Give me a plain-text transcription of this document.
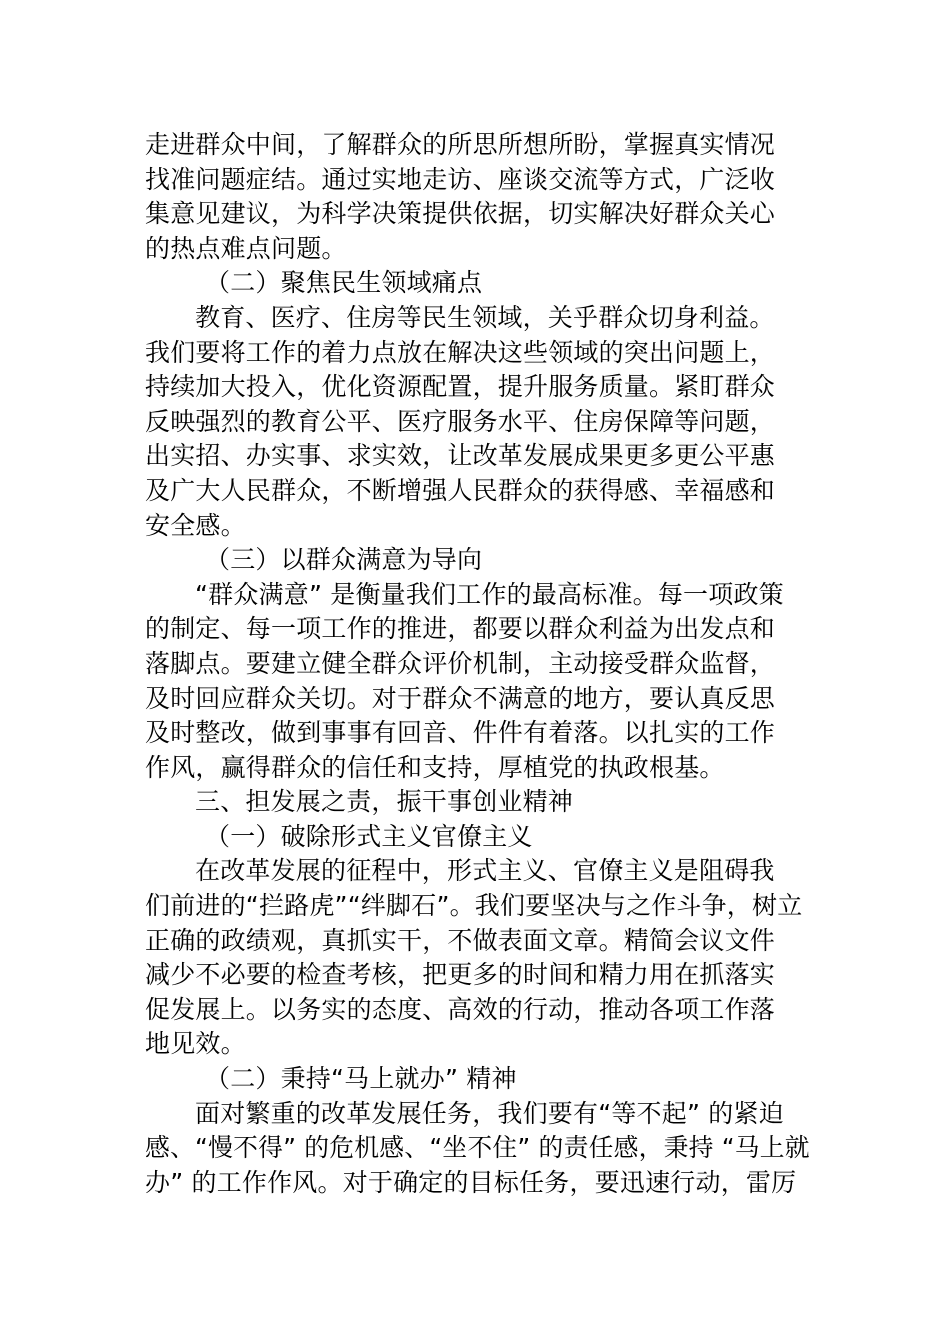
走进群众中间，了解群众的所思所想所盼，掌握真实情况
找准问题症结。通过实地走访、座谈交流等方式，广泛收
集意见建议，为科学决策提供依据，切实解决好群众关心
的热点难点问题。
（二）聚焦民生领域痛点
教育、医疗、住房等民生领域，关乎群众切身利益。
我们要将工作的着力点放在解决这些领域的突出问题上，
持续加大投入，优化资源配置，提升服务质量。紧盯群众
反映强烈的教育公平、医疗服务水平、住房保障等问题，
出实招、办实事、求实效，让改革发展成果更多更公平惠
及广大人民群众，不断增强人民群众的获得感、幸福感和
安全感。
（三）以群众满意为导向
“群众满意” 是衡量我们工作的最高标准。每一项政策
的制定、每一项工作的推进，都要以群众利益为出发点和
落脚点。要建立健全群众评价机制，主动接受群众监督，
及时回应群众关切。对于群众不满意的地方，要认真反思
及时整改，做到事事有回音、件件有着落。以扎实的工作
作风，赢得群众的信任和支持，厚植党的执政根基。
三、担发展之责，振干事创业精神
（一）破除形式主义官僚主义
在改革发展的征程中，形式主义、官僚主义是阻碍我
们前进的“拦路虎”“绊脚石”。我们要坚决与之作斗争，树立
正确的政绩观，真抓实干，不做表面文章。精简会议文件
减少不必要的检查考核，把更多的时间和精力用在抓落实
促发展上。以务实的态度、高效的行动，推动各项工作落
地见效。
（二）秉持“马上就办” 精神
面对繁重的改革发展任务，我们要有“等不起” 的紧迫
感、“慢不得” 的危机感、“坐不住” 的责任感，秉持 “马上就
办” 的工作作风。对于确定的目标任务，要迅速行动，雷厉
